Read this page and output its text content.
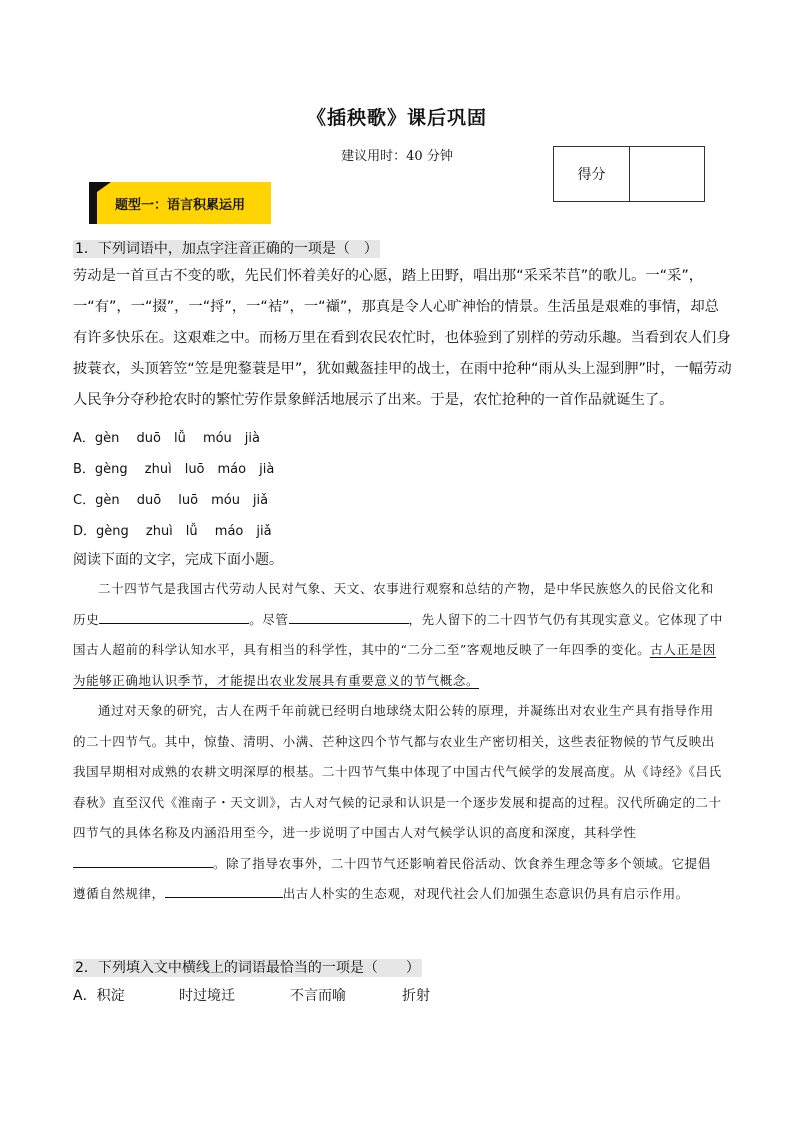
《插秧歌》课后巩固
建议用时：40 分钟
得分
题型一：语言积累运用
1．下列词语中，加点字注音正确的一项是（　）
劳动是一首亘古不变的歌，先民们怀着美好的心愿，踏上田野，唱出那“采采芣苢”的歌儿。一“采”，一“有”，一“掇”，一“捋”，一“袺”，一“襭”，那真是令人心旷神怡的情景。生活虽是艰难的事情，却总有许多快乐在。这艰难之中。而杨万里在看到农民农忙时，也体验到了别样的劳动乐趣。当看到农人们身披蓑衣，头顶箬笠“笠是兜鍪蓑是甲”，犹如戴盔挂甲的战士，在雨中抢种“雨从头上湿到胛”时，一幅劳动人民争分夺秒抢农时的繁忙劳作景象鲜活地展示了出来。于是，农忙抢种的一首作品就诞生了。
A．gèn　 duō　lǚ　 móu　jià
B．gèng　 zhuì　luō　máo　jià
C．gèn　 duō　 luō　móu　jiǎ
D．gèng　 zhuì　lǚ　 máo　jiǎ
阅读下面的文字，完成下面小题。

二十四节气是我国古代劳动人民对气象、天文、农事进行观察和总结的产物，是中华民族悠久的民俗文化和历史	。尽管	，先人留下的二十四节气仍有其现实意义。它体现了中国古人超前的科学认知水平，具有相当的科学性，其中的“二分二至”客观地反映了一年四季的变化。古人正是因为能够正确地认识季节，才能提出农业发展具有重要意义的节气概念。

通过对天象的研究，古人在两千年前就已经明白地球绕太阳公转的原理，并凝练出对农业生产具有指导作用的二十四节气。其中，惊蛰、清明、小满、芒种这四个节气都与农业生产密切相关，这些表征物候的节气反映出我国早期相对成熟的农耕文明深厚的根基。二十四节气集中体现了中国古代气候学的发展高度。从《诗经》《吕氏春秋》直至汉代《淮南子・天文训》，古人对气候的记录和认识是一个逐步发展和提高的过程。汉代所确定的二十四节气的具体名称及内涵沿用至今，进一步说明了中国古人对气候学认识的高度和深度，其科学性。除了指导农事外，二十四节气还影响着民俗活动、饮食养生理念等多个领域。它提倡遵循自然规律，	出古人朴实的生态观，对现代社会人们加强生态意识仍具有启示作用。

2．下列填入文中横线上的词语最恰当的一项是（　　）
A．积淀	时过境迁	不言而喻	折射
